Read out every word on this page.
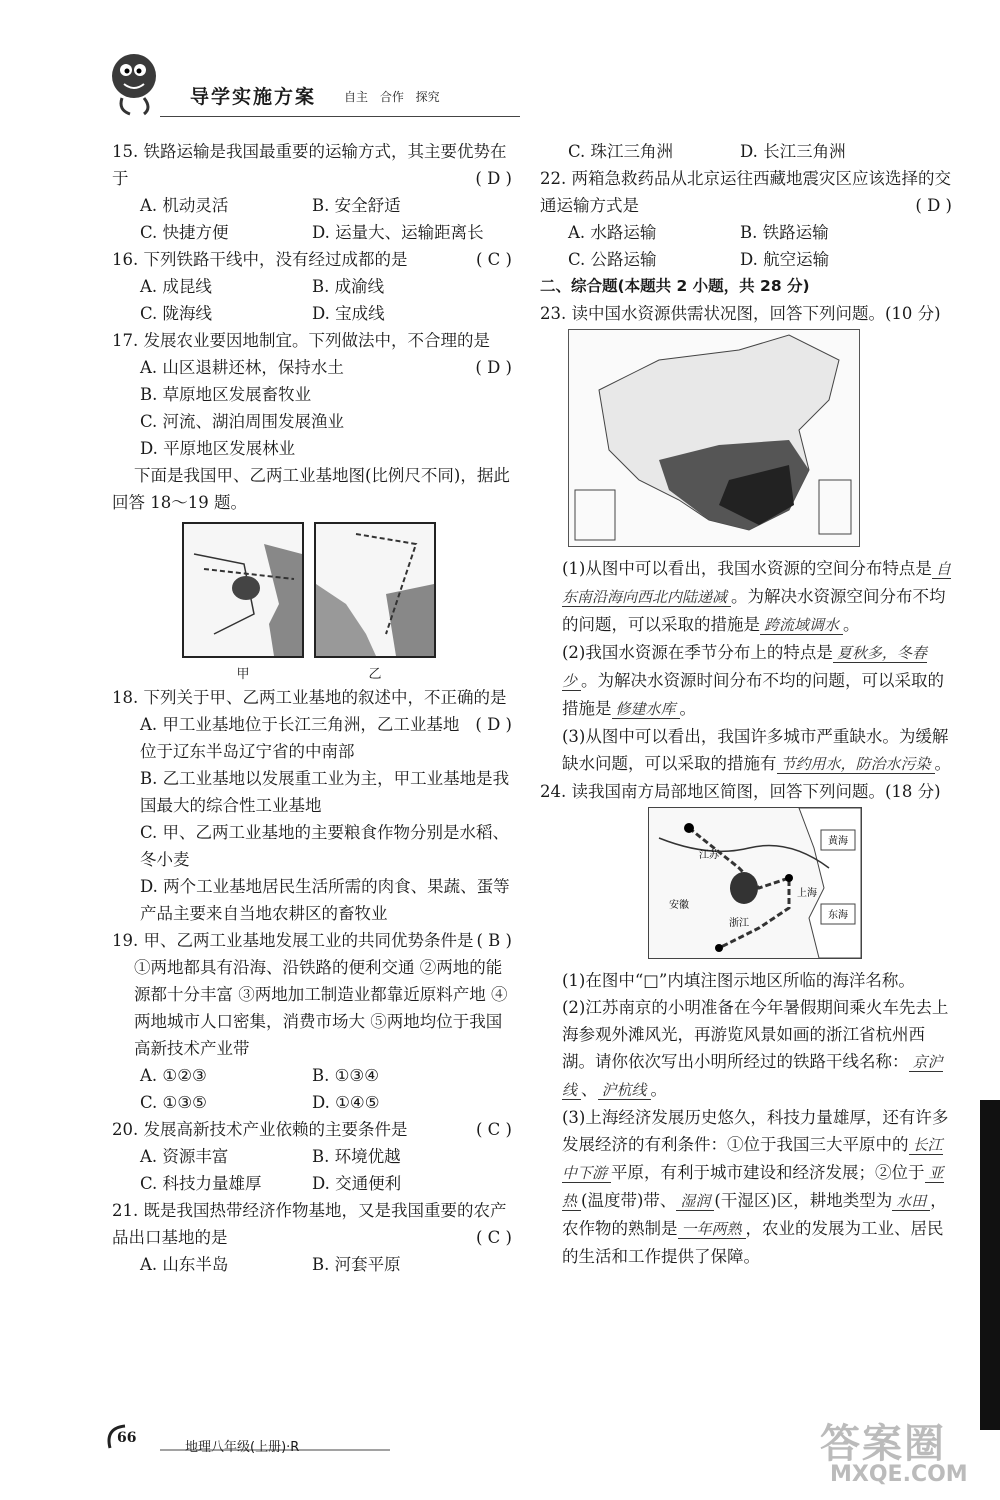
导学实施方案 自主 合作 探究

15. 铁路运输是我国最重要的运输方式，其主要优势在于	( D )

A. 机动灵活	B. 安全舒适
C. 快捷方便	D. 运量大、运输距离长

16. 下列铁路干线中，没有经过成都的是	( C )

A. 成昆线	B. 成渝线
C. 陇海线	D. 宝成线

17. 发展农业要因地制宜。下列做法中，不合理的是
( D )

A. 山区退耕还林，保持水土
B. 草原地区发展畜牧业
C. 河流、湖泊周围发展渔业
D. 平原地区发展林业

下面是我国甲、乙两工业基地图(比例尺不同)，据此回答 18～19 题。

甲	乙

18. 下列关于甲、乙两工业基地的叙述中，不正确的是
( D )

A. 甲工业基地位于长江三角洲，乙工业基地位于辽东半岛辽宁省的中南部
B. 乙工业基地以发展重工业为主，甲工业基地是我国最大的综合性工业基地
C. 甲、乙两工业基地的主要粮食作物分别是水稻、冬小麦
D. 两个工业基地居民生活所需的肉食、果蔬、蛋等产品主要来自当地农耕区的畜牧业

19. 甲、乙两工业基地发展工业的共同优势条件是 ( B )

①两地都具有沿海、沿铁路的便利交通 ②两地的能源都十分丰富 ③两地加工制造业都靠近原料产地 ④两地城市人口密集，消费市场大 ⑤两地均位于我国高新技术产业带
A. ①②③	B. ①③④
C. ①③⑤	D. ①④⑤

20. 发展高新技术产业依赖的主要条件是	( C )

A. 资源丰富	B. 环境优越
C. 科技力量雄厚	D. 交通便利

21. 既是我国热带经济作物基地，又是我国重要的农产品出口基地的是	( C )

A. 山东半岛	B. 河套平原
C. 珠江三角洲	D. 长江三角洲

22. 两箱急救药品从北京运往西藏地震灾区应该选择的交通运输方式是	( D )

A. 水路运输	B. 铁路运输
C. 公路运输	D. 航空运输
二、综合题(本题共 2 小题，共 28 分)

23. 读中国水资源供需状况图，回答下列问题。(10 分)

(1)从图中可以看出，我国水资源的空间分布特点是 自东南沿海向西北内陆递减 。为解决水资源空间分布不均的问题，可以采取的措施是 跨流域调水 。
(2)我国水资源在季节分布上的特点是 夏秋多，冬春少 。为解决水资源时间分布不均的问题，可以采取的措施是 修建水库 。
(3)从图中可以看出，我国许多城市严重缺水。为缓解缺水问题，可以采取的措施有 节约用水，防治水污染 。

24. 读我国南方局部地区简图，回答下列问题。(18 分)

黄海
东海
江苏
安徽
浙江
上海
(1)在图中“□”内填注图示地区所临的海洋名称。
(2)江苏南京的小明准备在今年暑假期间乘火车先去上海参观外滩风光，再游览风景如画的浙江省杭州西湖。请你依次写出小明所经过的铁路干线名称： 京沪线 、 沪杭线 。
(3)上海经济发展历史悠久，科技力量雄厚，还有许多发展经济的有利条件：①位于我国三大平原中的 长江中下游 平原，有利于城市建设和经济发展；②位于 亚热 (温度带)带、 湿润 (干湿区)区，耕地类型为 水田 ，农作物的熟制是 一年两熟 ，农业的发展为工业、居民的生活和工作提供了保障。
66
地理八年级(上册)·R	答案圈
MXQE.COM
